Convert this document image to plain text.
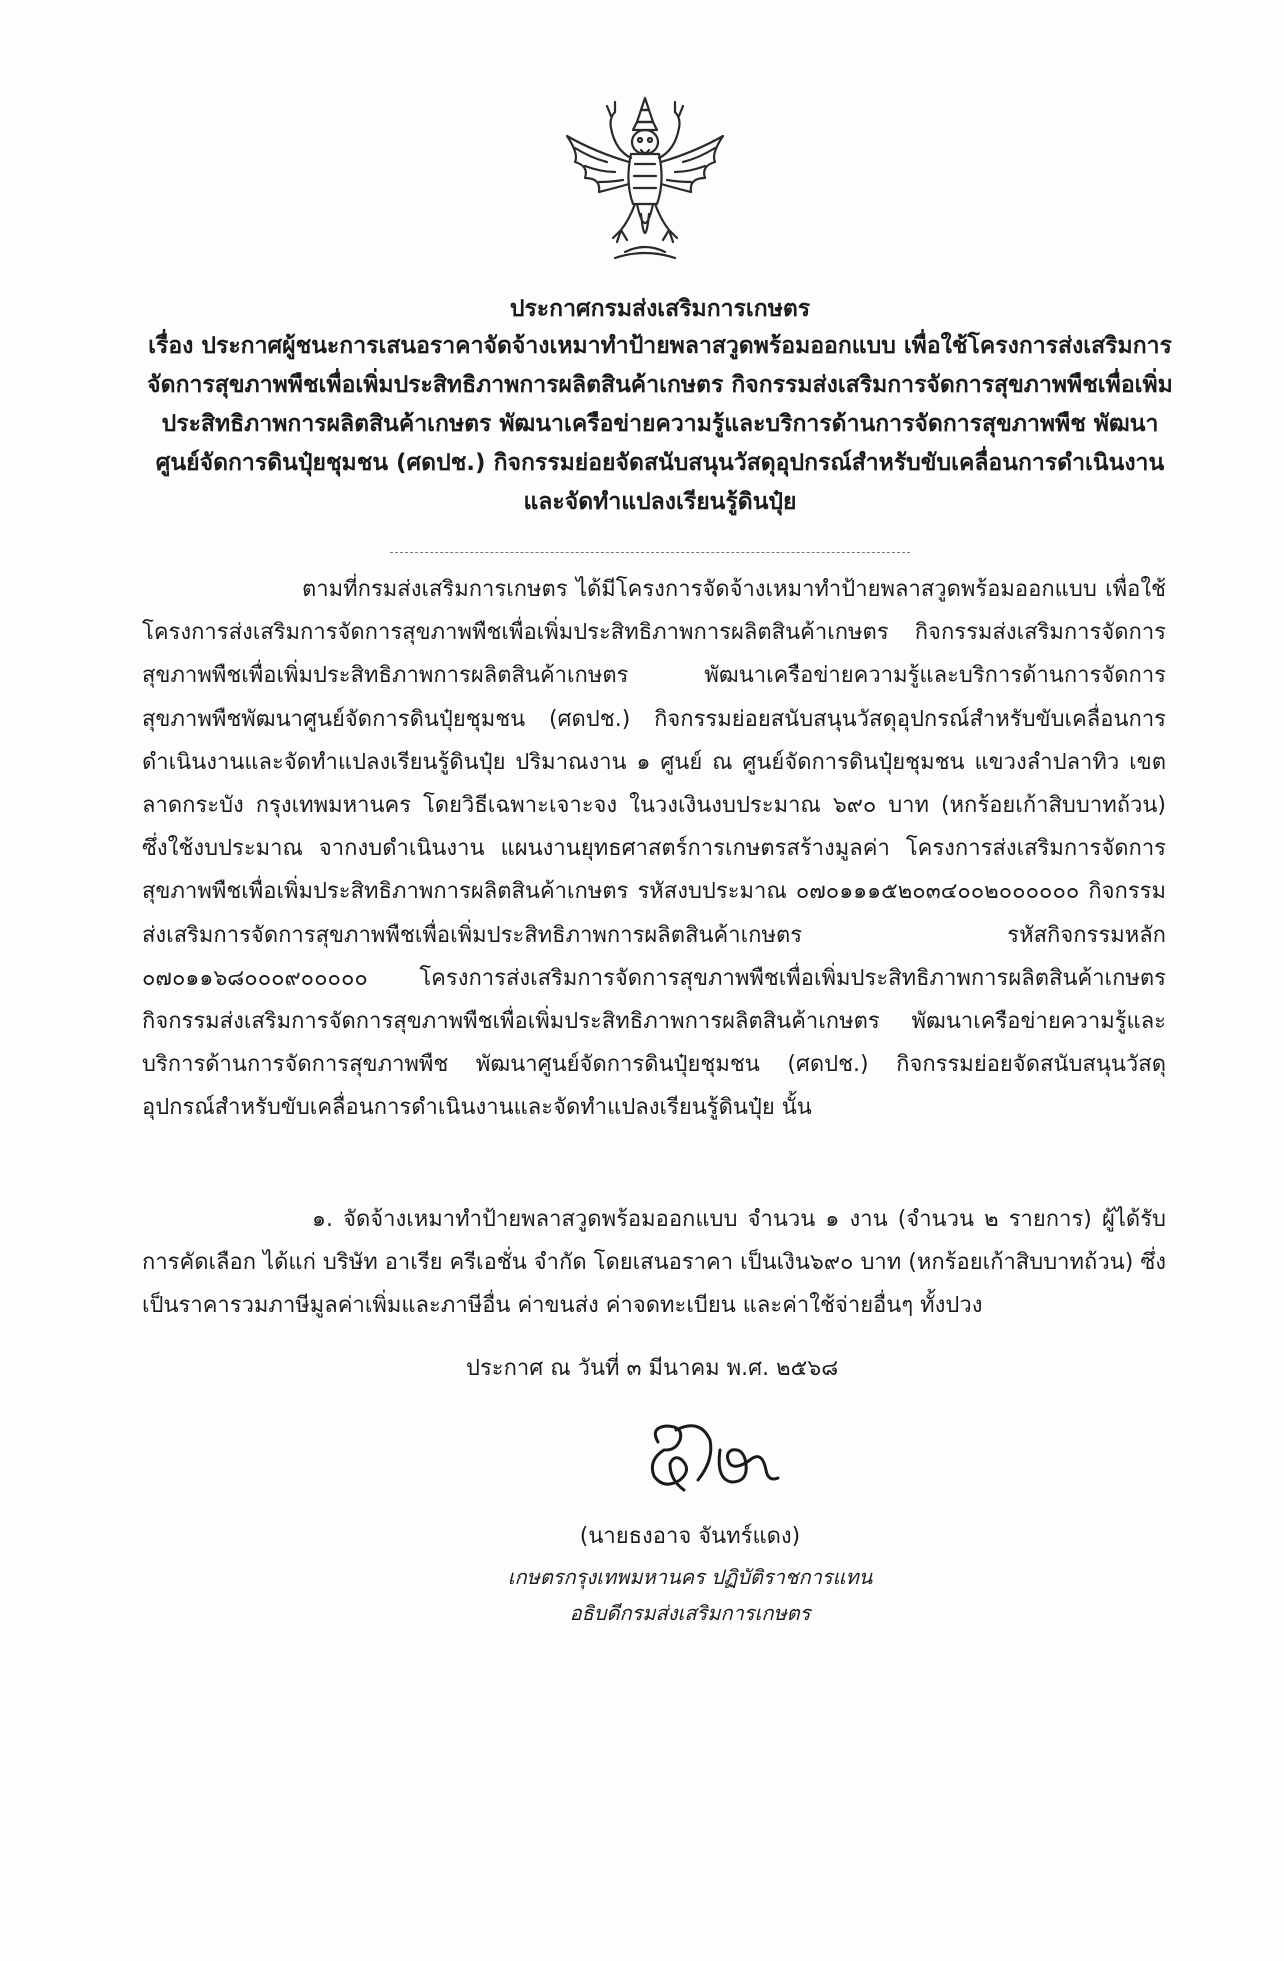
ประกาศกรมส่งเสริมการเกษตร
เรื่อง ประกาศผู้ชนะการเสนอราคาจัดจ้างเหมาทำป้ายพลาสวูดพร้อมออกแบบ เพื่อใช้โครงการส่งเสริมการจัดการสุขภาพพืชเพื่อเพิ่มประสิทธิภาพการผลิตสินค้าเกษตร กิจกรรมส่งเสริมการจัดการสุขภาพพืชเพื่อเพิ่มประสิทธิภาพการผลิตสินค้าเกษตร พัฒนาเครือข่ายความรู้และบริการด้านการจัดการสุขภาพพืช พัฒนาศูนย์จัดการดินปุ๋ยชุมชน (ศดปช.) กิจกรรมย่อยจัดสนับสนุนวัสดุอุปกรณ์สำหรับขับเคลื่อนการดำเนินงานและจัดทำแปลงเรียนรู้ดินปุ๋ย
ตามที่กรมส่งเสริมการเกษตร ได้มีโครงการจัดจ้างเหมาทำป้ายพลาสวูดพร้อมออกแบบ เพื่อใช้โครงการส่งเสริมการจัดการสุขภาพพืชเพื่อเพิ่มประสิทธิภาพการผลิตสินค้าเกษตร กิจกรรมส่งเสริมการจัดการสุขภาพพืชเพื่อเพิ่มประสิทธิภาพการผลิตสินค้าเกษตร พัฒนาเครือข่ายความรู้และบริการด้านการจัดการสุขภาพพืชพัฒนาศูนย์จัดการดินปุ๋ยชุมชน (ศดปช.) กิจกรรมย่อยสนับสนุนวัสดุอุปกรณ์สำหรับขับเคลื่อนการดำเนินงานและจัดทำแปลงเรียนรู้ดินปุ๋ย ปริมาณงาน ๑ ศูนย์ ณ ศูนย์จัดการดินปุ๋ยชุมชน แขวงลำปลาทิว เขตลาดกระบัง กรุงเทพมหานคร โดยวิธีเฉพาะเจาะจง ในวงเงินงบประมาณ ๖๙๐ บาท (หกร้อยเก้าสิบบาทถ้วน) ซึ่งใช้งบประมาณ จากงบดำเนินงาน แผนงานยุทธศาสตร์การเกษตรสร้างมูลค่า โครงการส่งเสริมการจัดการสุขภาพพืชเพื่อเพิ่มประสิทธิภาพการผลิตสินค้าเกษตร รหัสงบประมาณ ๐๗๐๑๑๑๕๒๐๓๔๐๐๒๐๐๐๐๐๐ กิจกรรมส่งเสริมการจัดการสุขภาพพืชเพื่อเพิ่มประสิทธิภาพการผลิตสินค้าเกษตร รหัสกิจกรรมหลัก ๐๗๐๑๑๖๘๐๐๐๙๐๐๐๐๐ โครงการส่งเสริมการจัดการสุขภาพพืชเพื่อเพิ่มประสิทธิภาพการผลิตสินค้าเกษตร กิจกรรมส่งเสริมการจัดการสุขภาพพืชเพื่อเพิ่มประสิทธิภาพการผลิตสินค้าเกษตร พัฒนาเครือข่ายความรู้และบริการด้านการจัดการสุขภาพพืช พัฒนาศูนย์จัดการดินปุ๋ยชุมชน (ศดปช.) กิจกรรมย่อยจัดสนับสนุนวัสดุอุปกรณ์สำหรับขับเคลื่อนการดำเนินงานและจัดทำแปลงเรียนรู้ดินปุ๋ย นั้น
๑. จัดจ้างเหมาทำป้ายพลาสวูดพร้อมออกแบบ จำนวน ๑ งาน (จำนวน ๒ รายการ) ผู้ได้รับการคัดเลือก ได้แก่ บริษัท อาเรีย ครีเอชั่น จำกัด โดยเสนอราคา เป็นเงิน๖๙๐ บาท (หกร้อยเก้าสิบบาทถ้วน) ซึ่งเป็นราคารวมภาษีมูลค่าเพิ่มและภาษีอื่น ค่าขนส่ง ค่าจดทะเบียน และค่าใช้จ่ายอื่นๆ ทั้งปวง
ประกาศ ณ วันที่ ๓ มีนาคม พ.ศ. ๒๕๖๘
(นายธงอาจ จันทร์แดง)
เกษตรกรุงเทพมหานคร ปฏิบัติราชการแทน
อธิบดีกรมส่งเสริมการเกษตร
